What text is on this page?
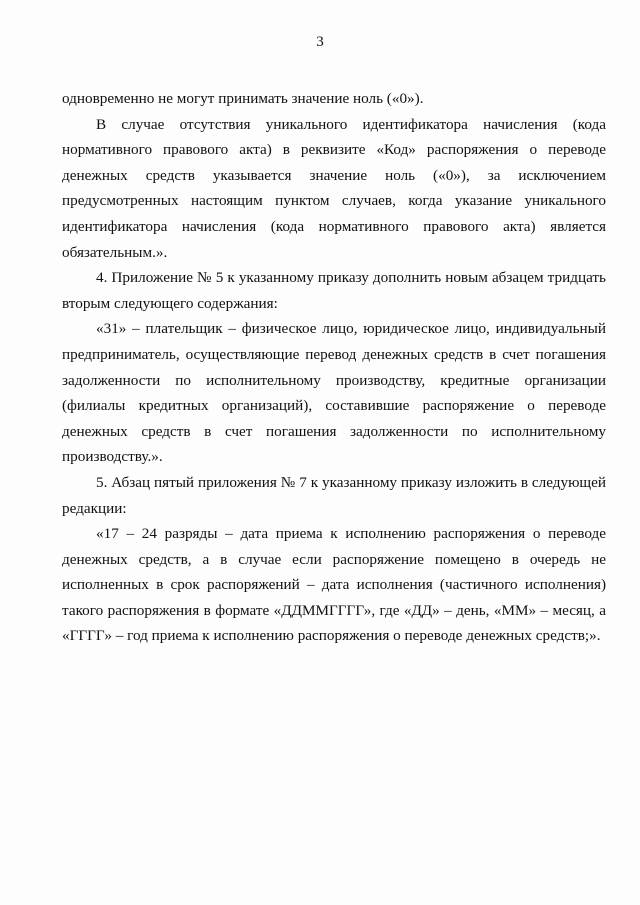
3

одновременно не могут принимать значение ноль («0»).

В случае отсутствия уникального идентификатора начисления (кода нормативного правового акта) в реквизите «Код» распоряжения о переводе денежных средств указывается значение ноль («0»), за исключением предусмотренных настоящим пунктом случаев, когда указание уникального идентификатора начисления (кода нормативного правового акта) является обязательным.».

4. Приложение № 5 к указанному приказу дополнить новым абзацем тридцать вторым следующего содержания:

«31» – плательщик – физическое лицо, юридическое лицо, индивидуальный предприниматель, осуществляющие перевод денежных средств в счет погашения задолженности по исполнительному производству, кредитные организации (филиалы кредитных организаций), составившие распоряжение о переводе денежных средств в счет погашения задолженности по исполнительному производству.».

5. Абзац пятый приложения № 7 к указанному приказу изложить в следующей редакции:

«17 – 24 разряды – дата приема к исполнению распоряжения о переводе денежных средств, а в случае если распоряжение помещено в очередь не исполненных в срок распоряжений – дата исполнения (частичного исполнения) такого распоряжения в формате «ДДММГГГГ», где «ДД» – день, «ММ» – месяц, а «ГГГГ» – год приема к исполнению распоряжения о переводе денежных средств;».
